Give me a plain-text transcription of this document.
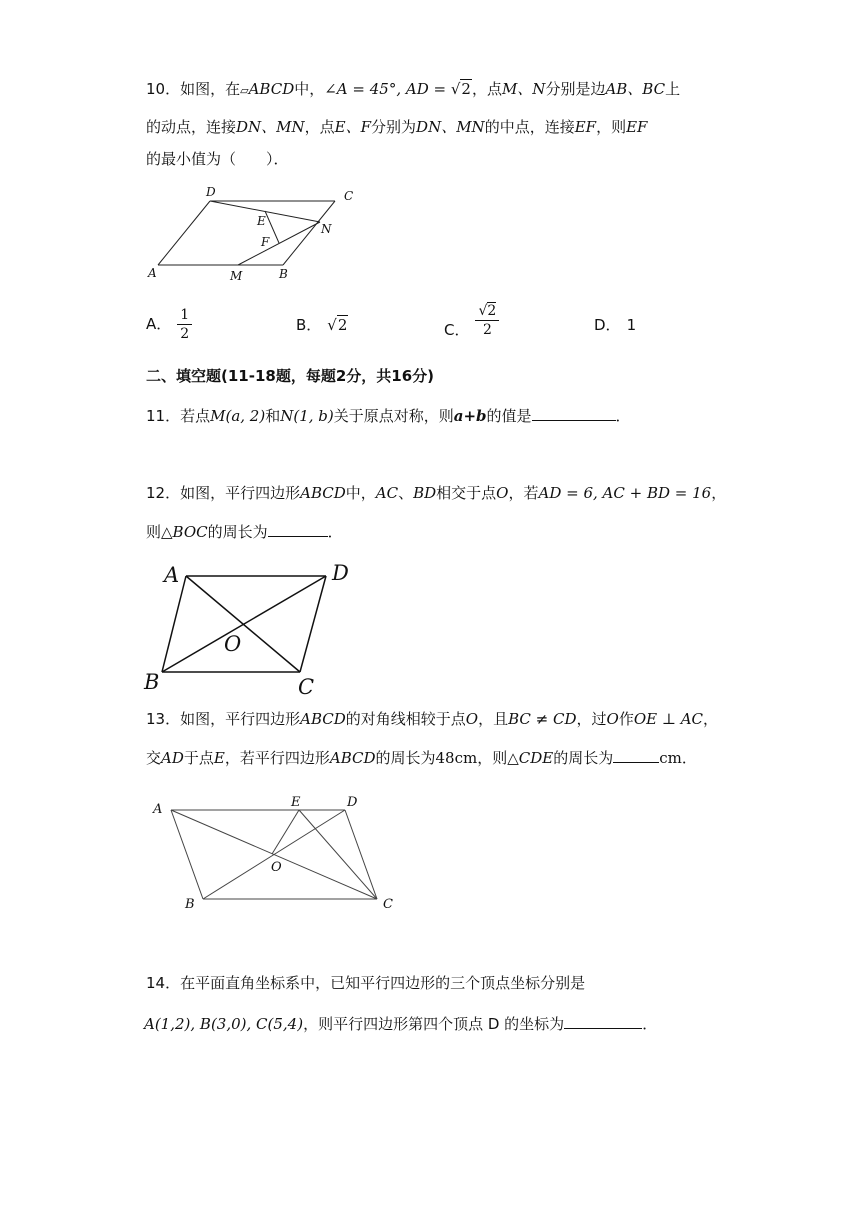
10．如图，在▱ABCD中，∠A = 45°, AD = √2，点M、N分别是边AB、BC上
的动点，连接DN、MN，点E、F分别为DN、MN的中点，连接EF，则EF
的最小值为（　　）．
D	C
A	M	B
E
F
N
A． $\frac{1}{2}$	B． √2	C． $\frac{√2}{2}$	D． 1
二、填空题(11-18题，每题2分，共16分)
11．若点M(a, 2)和N(1, b)关于原点对称，则a+b的值是	．
12．如图，平行四边形ABCD中，AC、BD相交于点O，若AD = 6, AC + BD = 16，
则△BOC的周长为	．
A	D
O
B	C
13．如图，平行四边形ABCD的对角线相较于点O，且BC ≠ CD，过O作OE ⊥ AC，
交AD于点E，若平行四边形ABCD的周长为48cm，则△CDE的周长为	cm．
A	E	D
O
B	C
14．在平面直角坐标系中，已知平行四边形的三个顶点坐标分别是
A(1,2), B(3,0), C(5,4)，则平行四边形第四个顶点 D 的坐标为	．
